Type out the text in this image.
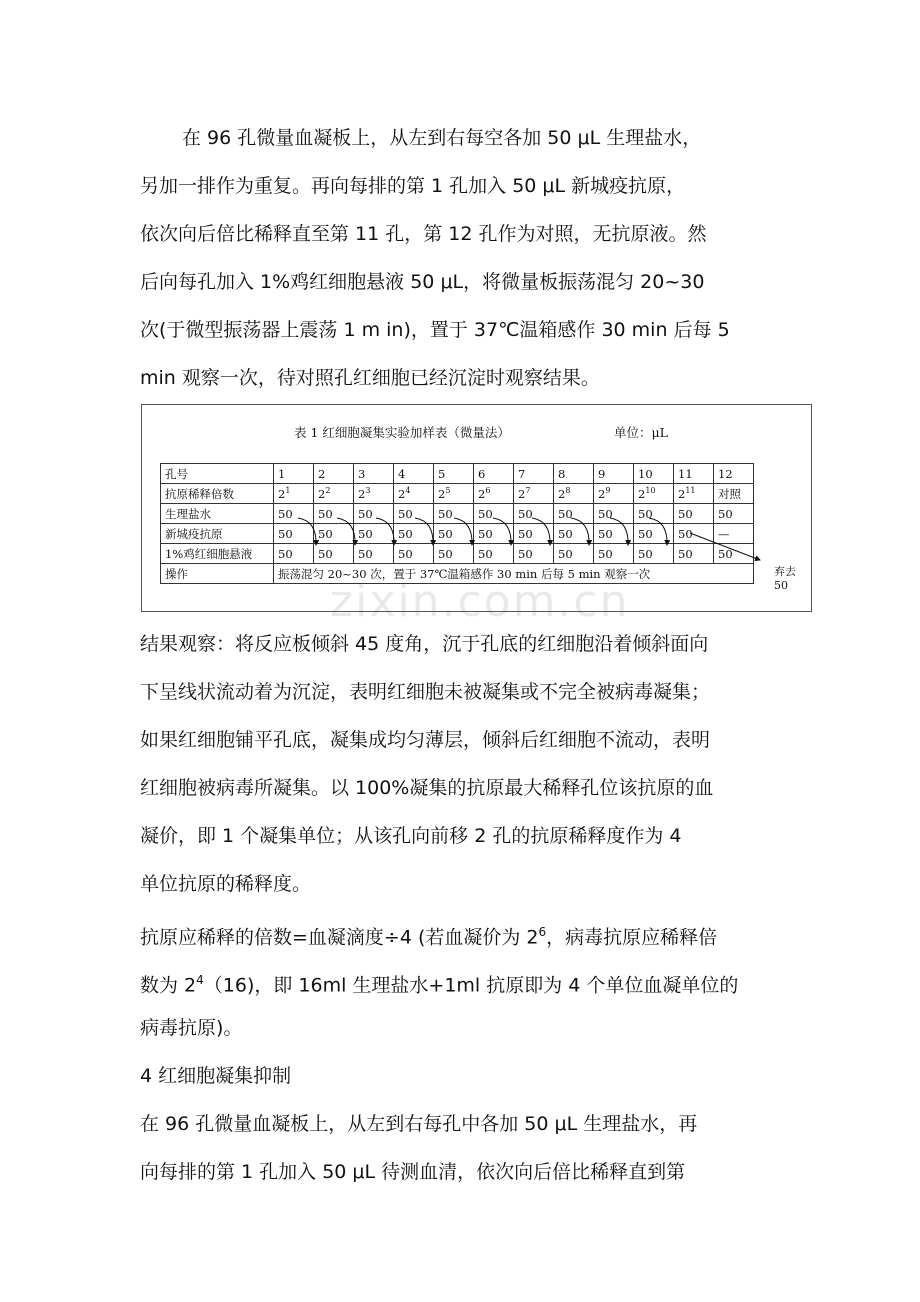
zixin.com.cn
在 96 孔微量血凝板上，从左到右每空各加 50 μL 生理盐水，
另加一排作为重复。再向每排的第 1 孔加入 50 μL 新城疫抗原，
依次向后倍比稀释直至第 11 孔，第 12 孔作为对照，无抗原液。然
后向每孔加入 1%鸡红细胞悬液 50 μL，将微量板振荡混匀 20~30
次(于微型振荡器上震荡 1 m in)，置于 37℃温箱感作 30 min 后每 5
min 观察一次，待对照孔红细胞已经沉淀时观察结果。
表 1 红细胞凝集实验加样表（微量法）	单位：μL
孔号	1	2	3	4	5	6	7	8	9	10	11	12
抗原稀释倍数	$2^1$	$2^2$	$2^3$	$2^4$	$2^5$	$2^6$	$2^7$	$2^8$	$2^9$	$2^{10}$	$2^{11}$	对照
生理盐水	50	50	50	50	50	50	50	50	50	50	50	50
新城疫抗原	50	50	50	50	50	50	50	50	50	50	50	—
1%鸡红细胞悬液	50	50	50	50	50	50	50	50	50	50	50	50
操作	振荡混匀 20~30 次，置于 37℃温箱感作 30 min 后每 5 min 观察一次												弃去 50
结果观察：将反应板倾斜 45 度角，沉于孔底的红细胞沿着倾斜面向
下呈线状流动着为沉淀，表明红细胞未被凝集或不完全被病毒凝集；
如果红细胞铺平孔底，凝集成均匀薄层，倾斜后红细胞不流动，表明
红细胞被病毒所凝集。以 100%凝集的抗原最大稀释孔位该抗原的血
凝价，即 1 个凝集单位；从该孔向前移 2 孔的抗原稀释度作为 4
单位抗原的稀释度。
抗原应稀释的倍数=血凝滴度÷4 (若血凝价为 $2^6$，病毒抗原应稀释倍
数为 $2^4(16)$，即 16ml 生理盐水+1ml 抗原即为 4 个单位血凝单位的
病毒抗原)。
4 红细胞凝集抑制
在 96 孔微量血凝板上，从左到右每孔中各加 50 μL 生理盐水，再
向每排的第 1 孔加入 50 μL 待测血清，依次向后倍比稀释直到第
